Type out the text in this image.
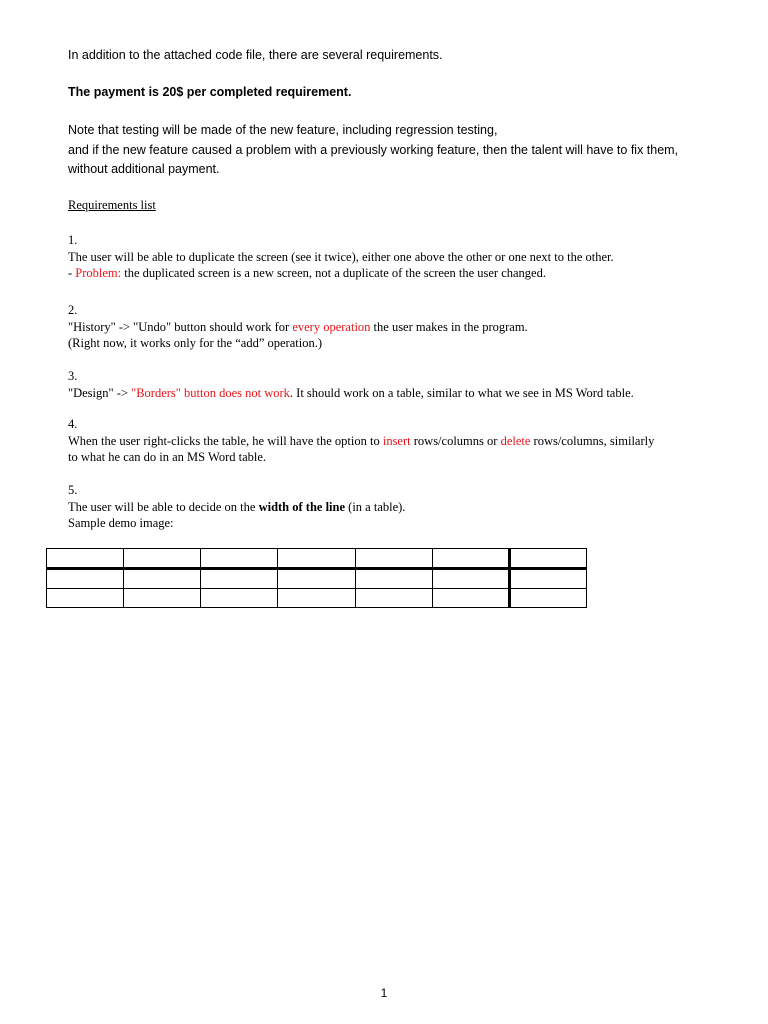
In addition to the attached code file, there are several requirements.
The payment is 20$ per completed requirement.
Note that testing will be made of the new feature, including regression testing,
and if the new feature caused a problem with a previously working feature, then the talent will have to fix them,
without additional payment.
Requirements list
1.
The user will be able to duplicate the screen (see it twice), either one above the other or one next to the other.
- Problem: the duplicated screen is a new screen, not a duplicate of the screen the user changed.
2.
"History" -> "Undo" button should work for every operation the user makes in the program.
(Right now, it works only for the “add” operation.)
3.
"Design" -> "Borders" button does not work. It should work on a table, similar to what we see in MS Word table.
4.
When the user right-clicks the table, he will have the option to insert rows/columns or delete rows/columns, similarly
to what he can do in an MS Word table.
5.
The user will be able to decide on the width of the line (in a table).
Sample demo image:

1
